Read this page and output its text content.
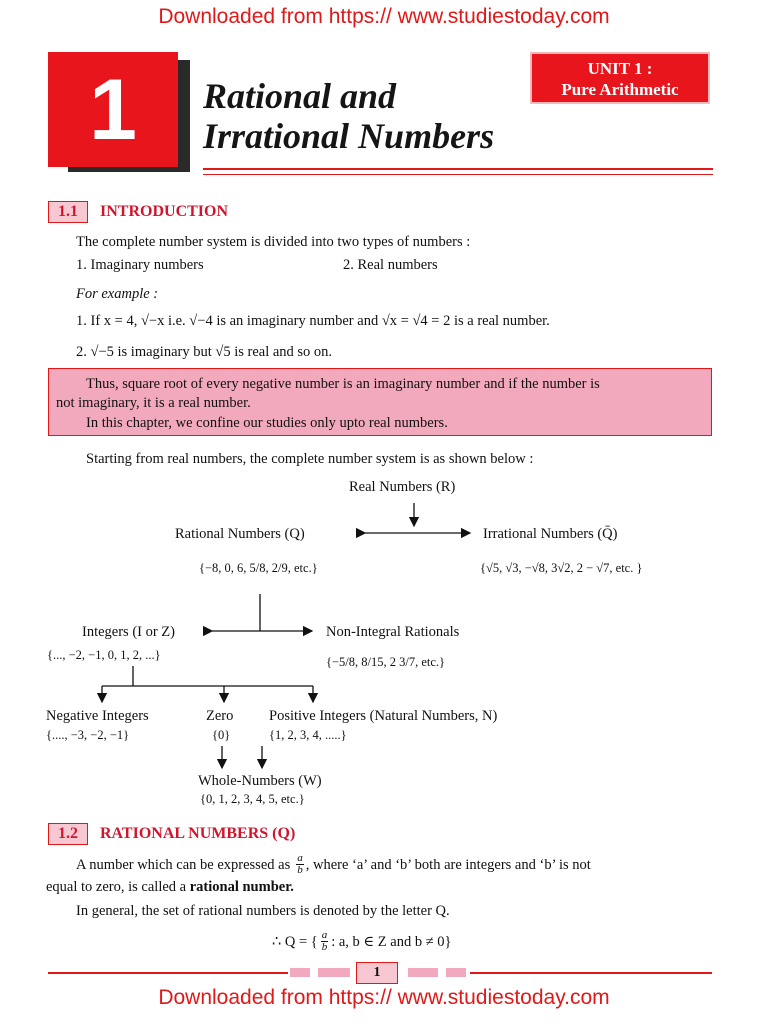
Downloaded from https:// www.studiestoday.com
1 Rational and
Irrational Numbers
UNIT 1 :
Pure Arithmetic
1.1	INTRODUCTION
The complete number system is divided into two types of numbers :
1. Imaginary numbers	2. Real numbers
For example :
1. If x = 4, √−x i.e. √−4 is an imaginary number and √x = √4 = 2 is a real number.
2. √−5 is imaginary but √5 is real and so on.
Thus, square root of every negative number is an imaginary number and if the number is
not imaginary, it is a real number.
In this chapter, we confine our studies only upto real numbers.
Starting from real numbers, the complete number system is as shown below :
Real Numbers (R)
Rational Numbers (Q)
{−8, 0, 6, 5/8, 2/9, etc.}
Irrational Numbers (Q̄)
{√5, √3, −√8, 3√2, 2 − √7, etc. }
Integers (I or Z)
{..., −2, −1, 0, 1, 2, ...}
Non-Integral Rationals
{−5/8, 8/15, 2 3/7, etc.}
Negative Integers
{...., −3, −2, −1}
Zero
{0}
Positive Integers (Natural Numbers, N)
{1, 2, 3, 4, .....}
Whole-Numbers (W)
{0, 1, 2, 3, 4, 5, etc.}
1.2	RATIONAL NUMBERS (Q)
A number which can be expressed as $\frac{a}{b}$ , where ‘a’ and ‘b’ both are integers and ‘b’ is not
equal to zero, is called a rational number.
In general, the set of rational numbers is denoted by the letter Q.
∴ Q = { $\frac{a}{b}$ : a, b ∈ Z and b ≠ 0}
1
Downloaded from https:// www.studiestoday.com
